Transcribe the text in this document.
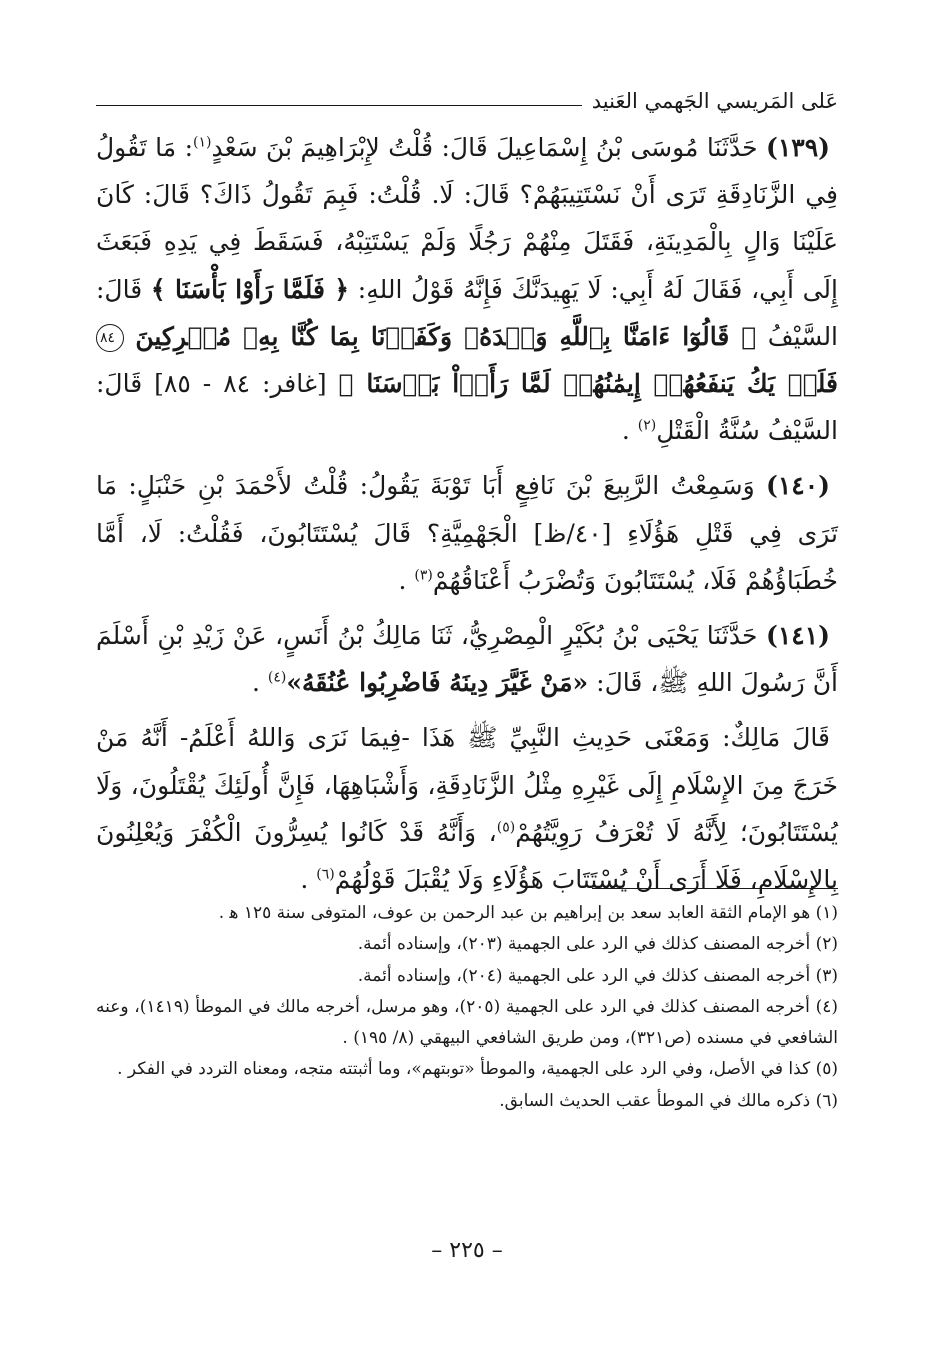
عَلى المَريسي الجَهمي العَنيد

(١٣٩) حَدَّثَنَا مُوسَى بْنُ إِسْمَاعِيلَ قَالَ: قُلْتُ لإِبْرَاهِيمَ بْنَ سَعْدٍ$^{(١)}$: مَا تَقُولُ فِي الزَّنَادِقَةِ تَرَى أَنْ نَسْتَتِيبَهُمْ؟ قَالَ: لَا. قُلْتُ: فَبِمَ تَقُولُ ذَاكَ؟ قَالَ: كَانَ عَلَيْنَا وَالٍ بِالْمَدِينَةِ، فَقَتَلَ مِنْهُمْ رَجُلًا وَلَمْ يَسْتَتِبْهُ، فَسَقَطَ فِي يَدِهِ فَبَعَثَ إِلَى أَبِي، فَقَالَ لَهُ أَبِي: لَا يَهِيدَنَّكَ فَإِنَّهُ قَوْلُ اللهِ: ﴿ فَلَمَّا رَأَوْا بَأْسَنَا ﴾ قَالَ: السَّيْفُ ﴿ قَالُوٓا ءَامَنَّا بِٱللَّهِ وَحۡدَهُۥ وَكَفَرۡنَا بِمَا كُنَّا بِهِۦ مُشۡرِكِينَ ٨٤ فَلَمۡ يَكُ يَنفَعُهُمۡ إِيمَٰنُهُمۡ لَمَّا رَأَوۡاْ بَأۡسَنَا ﴾ [غافر: ٨٤ - ٨٥] قَالَ: السَّيْفُ سُنَّةُ الْقَتْلِ$^{(٢)}$ .

(١٤٠) وَسَمِعْتُ الرَّبِيعَ بْنَ نَافِعٍ أَبَا تَوْبَةَ يَقُولُ: قُلْتُ لأَحْمَدَ بْنِ حَنْبَلٍ: مَا تَرَى فِي قَتْلِ هَؤُلَاءِ [٤٠/ظ] الْجَهْمِيَّةِ؟ قَالَ يُسْتَتَابُونَ، فَقُلْتُ: لَا، أَمَّا خُطَبَاؤُهُمْ فَلَا، يُسْتَتَابُونَ وَتُضْرَبُ أَعْنَاقُهُمْ$^{(٣)}$ .

(١٤١) حَدَّثَنَا يَحْيَى بْنُ بُكَيْرٍ الْمِصْرِيُّ، ثَنَا مَالِكُ بْنُ أَنَسٍ، عَنْ زَيْدِ بْنِ أَسْلَمَ أَنَّ رَسُولَ اللهِ ﷺ، قَالَ: «مَنْ غَيَّرَ دِينَهُ فَاضْرِبُوا عُنُقَهُ»$^{(٤)}$ .

قَالَ مَالِكٌ: وَمَعْنَى حَدِيثِ النَّبِيِّ ﷺ هَذَا -فِيمَا نَرَى وَاللهُ أَعْلَمُ- أَنَّهُ مَنْ خَرَجَ مِنَ الإِسْلَامِ إِلَى غَيْرِهِ مِثْلُ الزَّنَادِقَةِ، وَأَشْبَاهِهَا، فَإِنَّ أُولَئِكَ يُقْتَلُونَ، وَلَا يُسْتَتَابُونَ؛ لِأَنَّهُ لَا تُعْرَفُ رَوِيَّتُهُمْ$^{(٥)}$، وَأَنَّهُ قَدْ كَانُوا يُسِرُّونَ الْكُفْرَ وَيُعْلِنُونَ بِالإِسْلَامِ، فَلَا أَرَى أَنْ يُسْتَتَابَ هَؤُلَاءِ وَلَا يُقْبَلَ قَوْلُهُمْ$^{(٦)}$ .

(١) هو الإمام الثقة العابد سعد بن إبراهيم بن عبد الرحمن بن عوف، المتوفى سنة ١٢٥ ﻫ .

(٢) أخرجه المصنف كذلك في الرد على الجهمية (٢٠٣)، وإسناده أئمة.

(٣) أخرجه المصنف كذلك في الرد على الجهمية (٢٠٤)، وإسناده أئمة.

(٤) أخرجه المصنف كذلك في الرد على الجهمية (٢٠٥)، وهو مرسل، أخرجه مالك في الموطأ (١٤١٩)، وعنه الشافعي في مسنده (ص٣٢١)، ومن طريق الشافعي البيهقي (٨/ ١٩٥) .

(٥) كذا في الأصل، وفي الرد على الجهمية، والموطأ «توبتهم»، وما أثبتته متجه، ومعناه التردد في الفكر .

(٦) ذكره مالك في الموطأ عقب الحديث السابق.

– ٢٢٥ –
